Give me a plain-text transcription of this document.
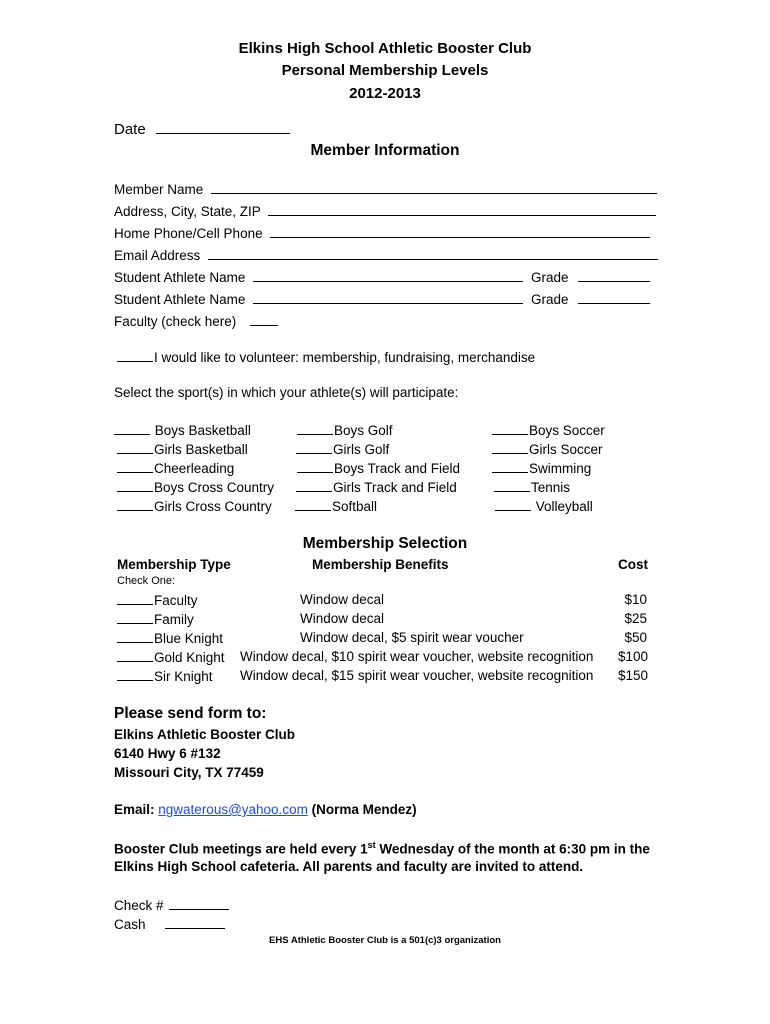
Elkins High School Athletic Booster Club
Personal Membership Levels
2012-2013
Date
Member Information
Member Name
Address, City, State, ZIP
Home Phone/Cell Phone
Email Address
Student Athlete Name	Grade
Student Athlete Name	Grade
Faculty (check here)
I would like to volunteer: membership, fundraising, merchandise
Select the sport(s) in which your athlete(s) will participate:
Boys Basketball
Girls Basketball
Cheerleading
Boys Cross Country
Girls Cross Country
Boys Golf
Girls Golf
Boys Track and Field
Girls Track and Field
Softball
Boys Soccer
Girls Soccer
Swimming
Tennis
Volleyball
Membership Selection
Membership Type	Membership Benefits	Cost
Check One:
Faculty	Window decal	$10
Family	Window decal	$25
Blue Knight	Window decal, $5 spirit wear voucher	$50
Gold Knight Window decal, $10 spirit wear voucher, website recognition	$100
Sir Knight Window decal, $15 spirit wear voucher, website recognition	$150
Please send form to:
Elkins Athletic Booster Club
6140 Hwy 6 #132
Missouri City, TX 77459
Email: ngwaterous@yahoo.com (Norma Mendez)
Booster Club meetings are held every 1st Wednesday of the month at 6:30 pm in the
Elkins High School cafeteria. All parents and faculty are invited to attend.
Check #
Cash
EHS Athletic Booster Club is a 501(c)3 organization
